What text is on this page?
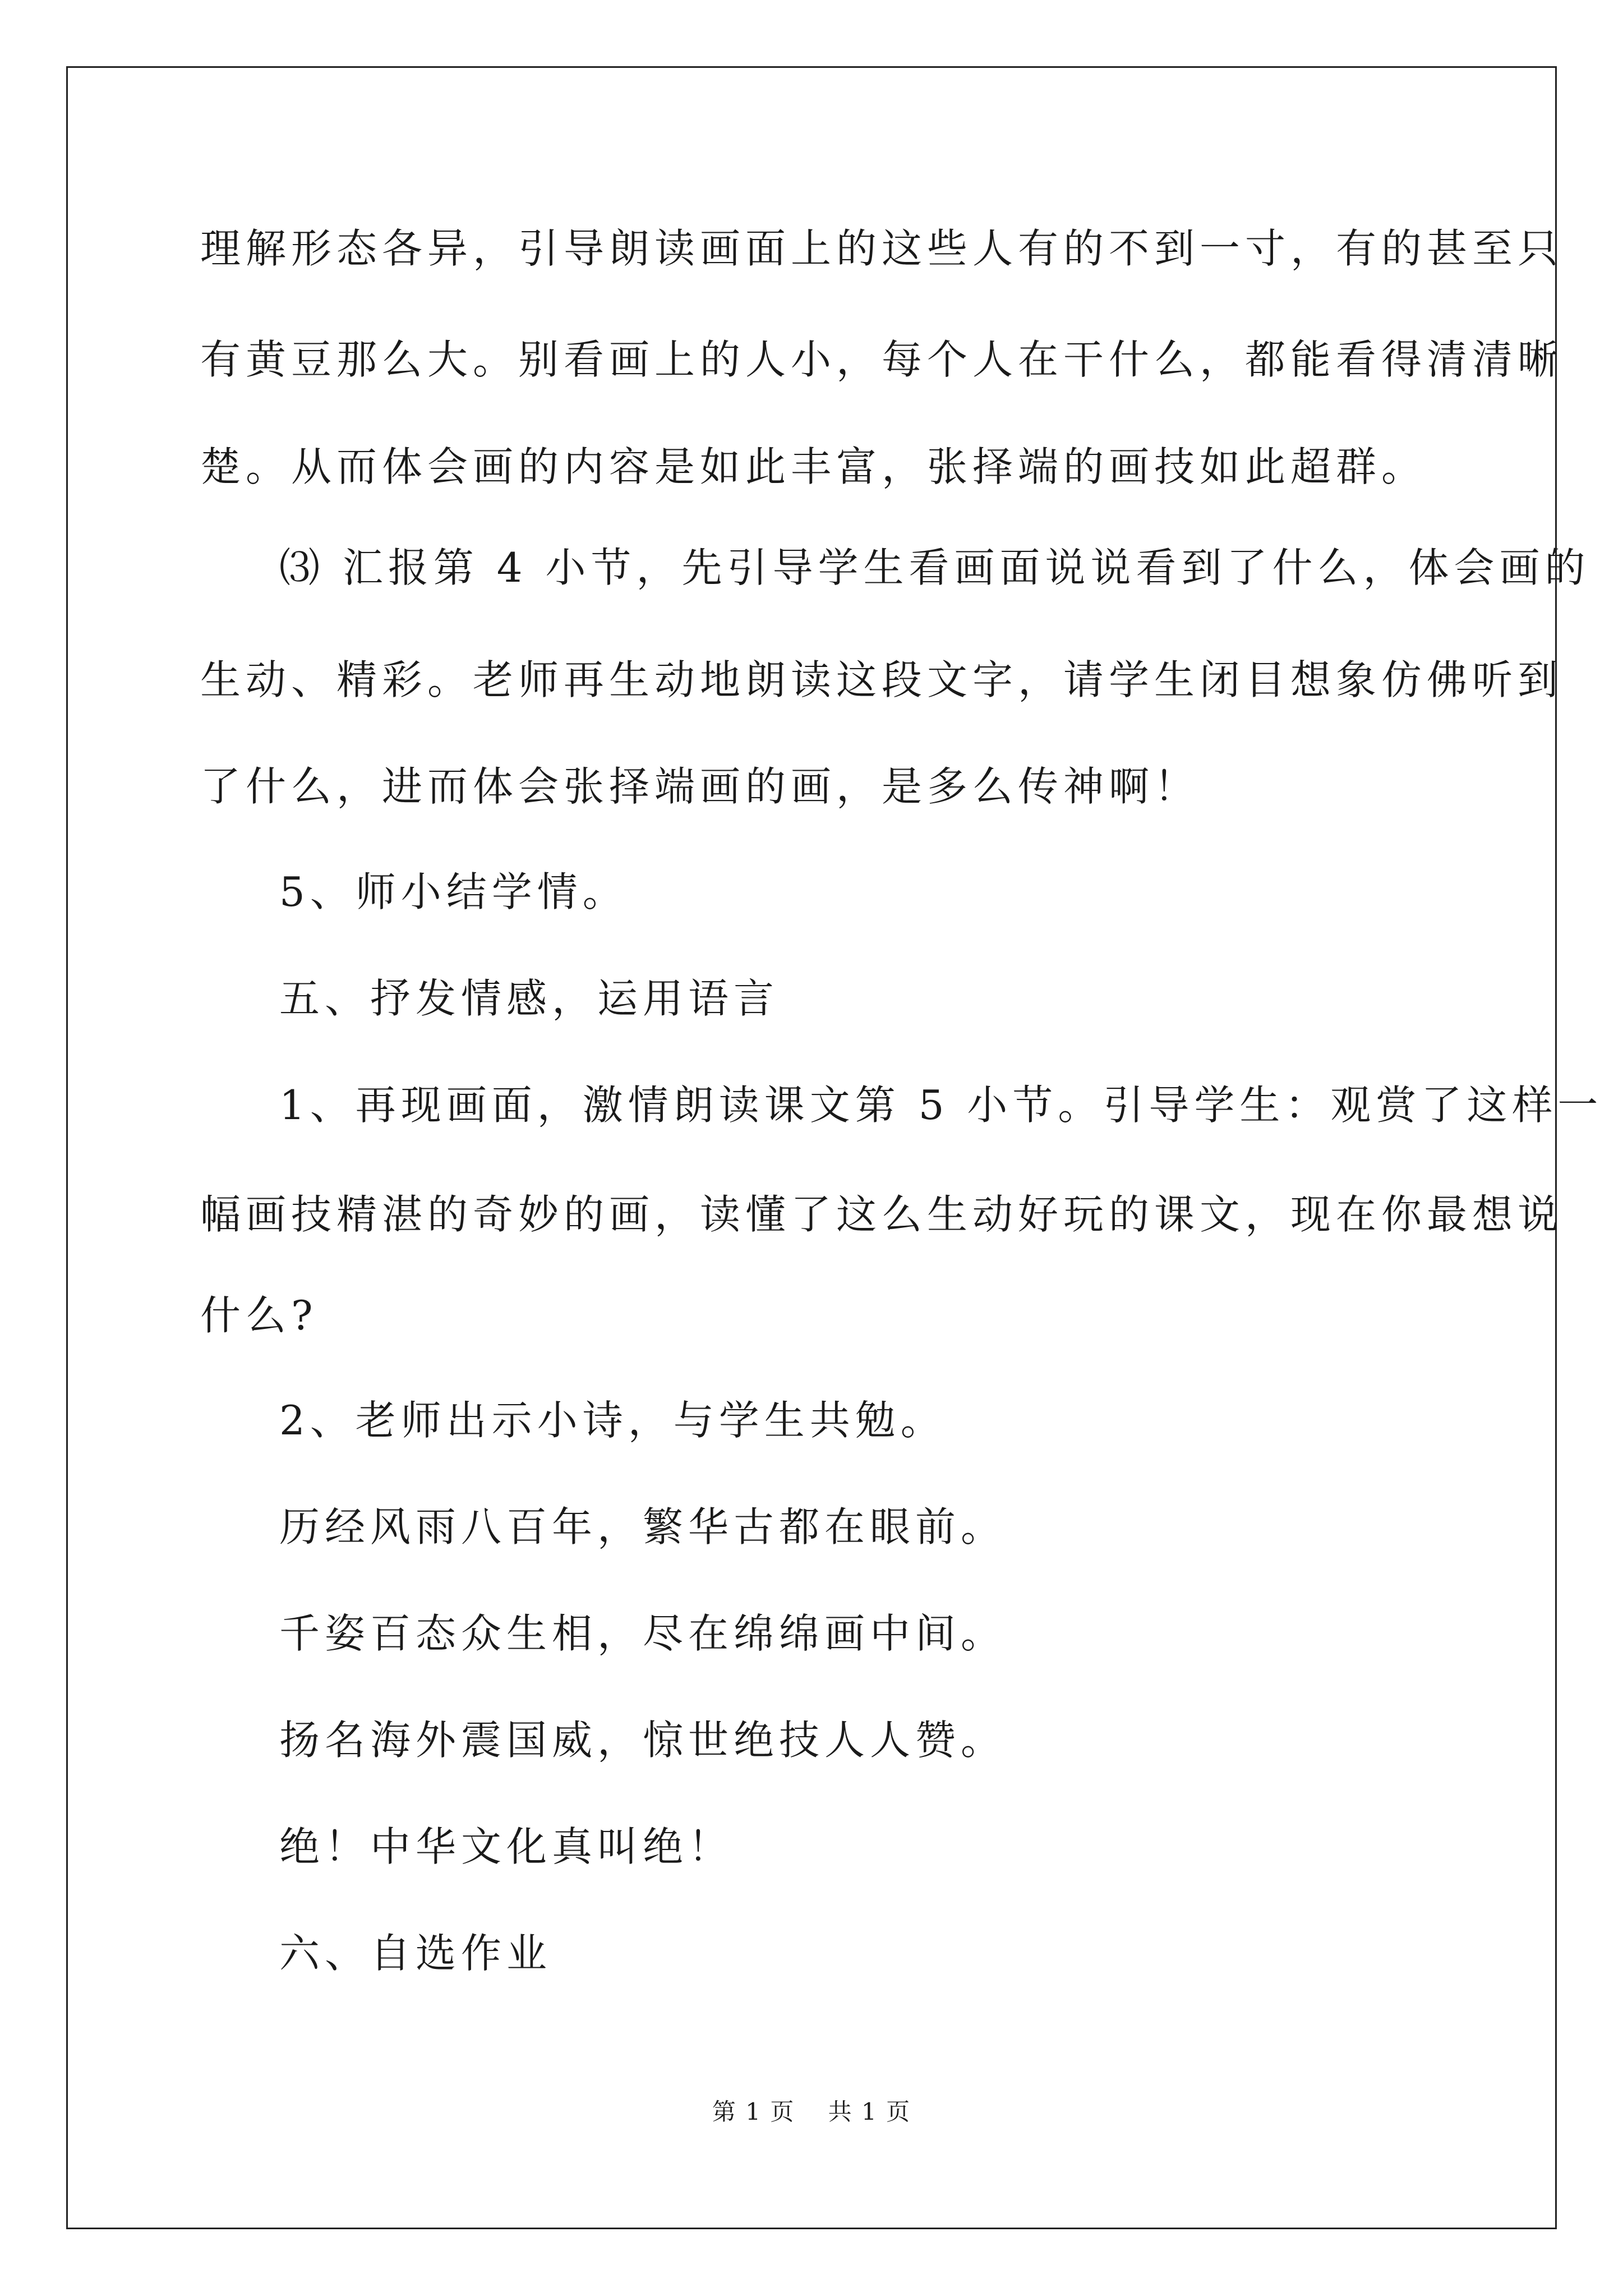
理解形态各异，引导朗读画面上的这些人有的不到一寸，有的甚至只
有黄豆那么大。别看画上的人小，每个人在干什么，都能看得清清晰
楚。从而体会画的内容是如此丰富，张择端的画技如此超群。
⑶ 汇报第 4 小节，先引导学生看画面说说看到了什么，体会画的
生动、精彩。老师再生动地朗读这段文字，请学生闭目想象仿佛听到
了什么，进而体会张择端画的画，是多么传神啊！
5、师小结学情。
五、抒发情感，运用语言
1、再现画面，激情朗读课文第 5 小节。引导学生：观赏了这样一
幅画技精湛的奇妙的画，读懂了这么生动好玩的课文，现在你最想说
什么?
2、老师出示小诗，与学生共勉。
历经风雨八百年，繁华古都在眼前。
千姿百态众生相，尽在绵绵画中间。
扬名海外震国威，惊世绝技人人赞。
绝！中华文化真叫绝！
六、自选作业
第 1 页　 共 1 页
